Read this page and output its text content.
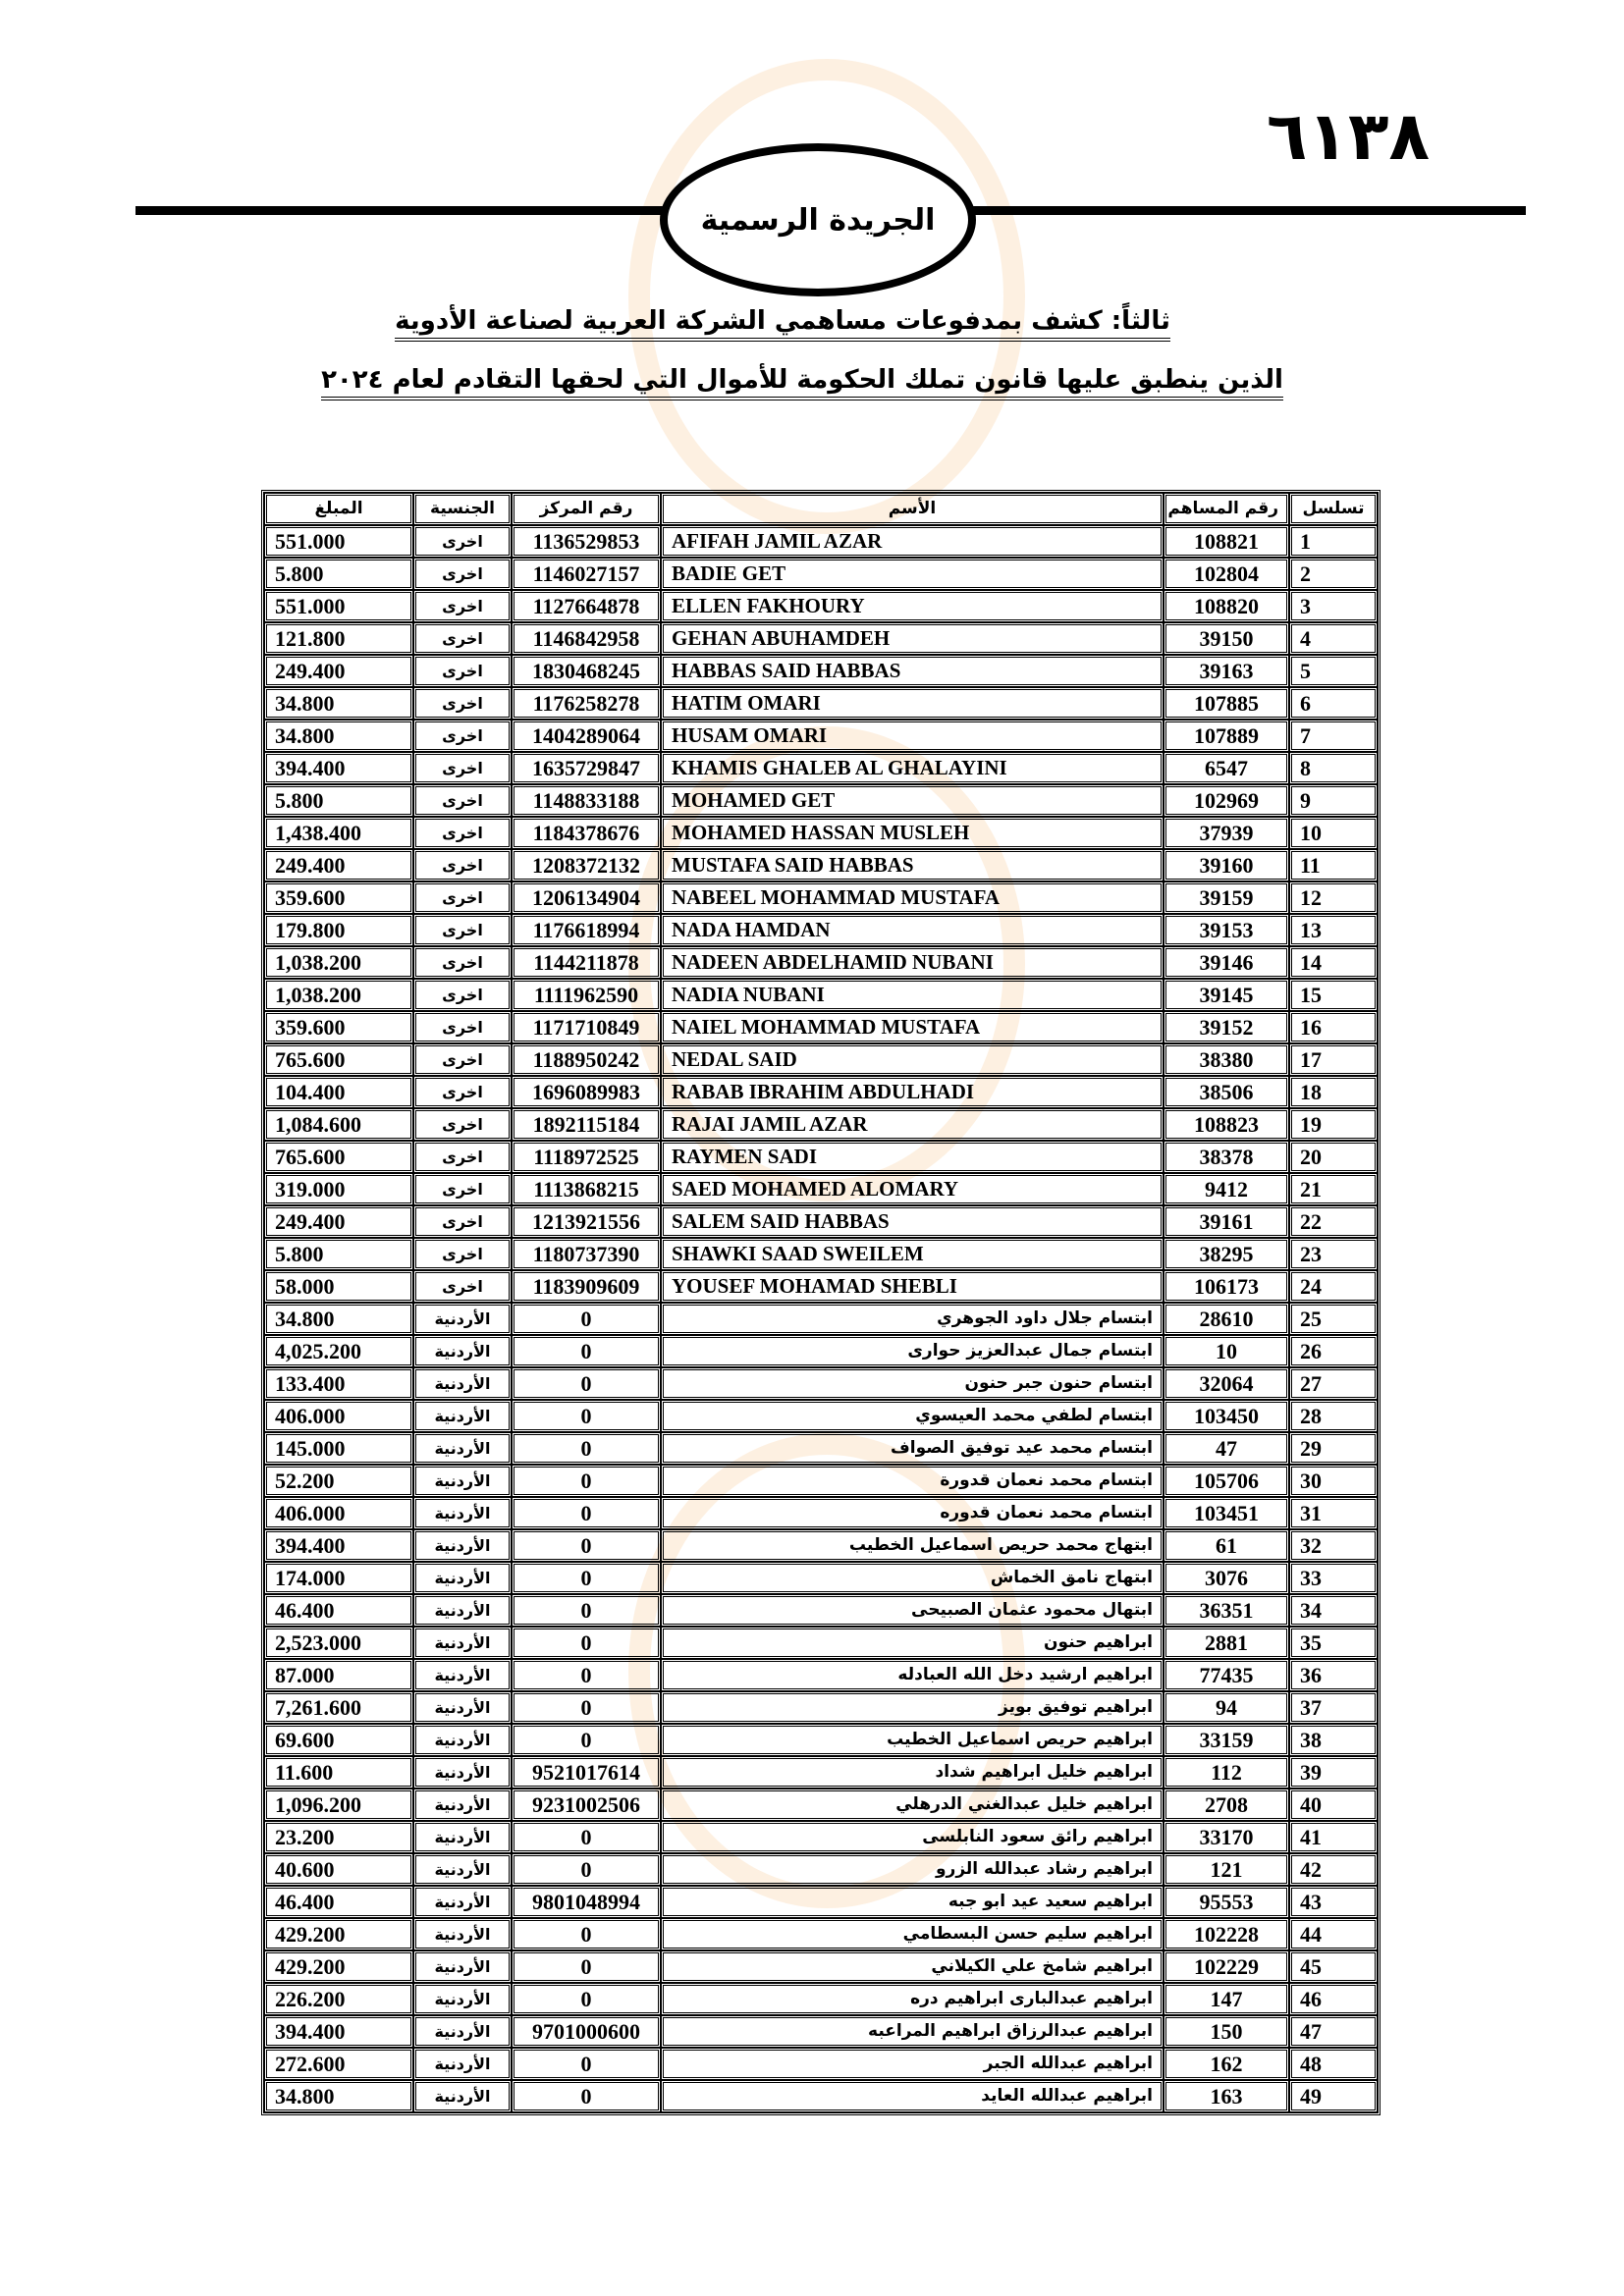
٦١٣٨
الجريدة الرسمية
ثالثاً: كشف بمدفوعات مساهمي الشركة العربية لصناعة الأدوية
الذين ينطبق عليها قانون تملك الحكومة للأموال التي لحقها التقادم لعام ٢٠٢٤
تسلسل	رقم المساهم	الأسم	رقم المركز	الجنسية	المبلغ
1	108821	AFIFAH JAMIL AZAR	1136529853	اخرى	551.000
2	102804	BADIE GET	1146027157	اخرى	5.800
3	108820	ELLEN FAKHOURY	1127664878	اخرى	551.000
4	39150	GEHAN ABUHAMDEH	1146842958	اخرى	121.800
5	39163	HABBAS SAID HABBAS	1830468245	اخرى	249.400
6	107885	HATIM OMARI	1176258278	اخرى	34.800
7	107889	HUSAM OMARI	1404289064	اخرى	34.800
8	6547	KHAMIS GHALEB AL GHALAYINI	1635729847	اخرى	394.400
9	102969	MOHAMED GET	1148833188	اخرى	5.800
10	37939	MOHAMED HASSAN MUSLEH	1184378676	اخرى	1,438.400
11	39160	MUSTAFA SAID HABBAS	1208372132	اخرى	249.400
12	39159	NABEEL MOHAMMAD MUSTAFA	1206134904	اخرى	359.600
13	39153	NADA HAMDAN	1176618994	اخرى	179.800
14	39146	NADEEN ABDELHAMID NUBANI	1144211878	اخرى	1,038.200
15	39145	NADIA NUBANI	1111962590	اخرى	1,038.200
16	39152	NAIEL MOHAMMAD MUSTAFA	1171710849	اخرى	359.600
17	38380	NEDAL SAID	1188950242	اخرى	765.600
18	38506	RABAB IBRAHIM ABDULHADI	1696089983	اخرى	104.400
19	108823	RAJAI JAMIL AZAR	1892115184	اخرى	1,084.600
20	38378	RAYMEN SADI	1118972525	اخرى	765.600
21	9412	SAED MOHAMED ALOMARY	1113868215	اخرى	319.000
22	39161	SALEM SAID HABBAS	1213921556	اخرى	249.400
23	38295	SHAWKI SAAD SWEILEM	1180737390	اخرى	5.800
24	106173	YOUSEF MOHAMAD SHEBLI	1183909609	اخرى	58.000
25	28610	ابتسام جلال داود الجوهري	0	الأردنية	34.800
26	10	ابتسام جمال عبدالعزيز حوارى	0	الأردنية	4,025.200
27	32064	ابتسام حنون جبر حنون	0	الأردنية	133.400
28	103450	ابتسام لطفي محمد العيسوي	0	الأردنية	406.000
29	47	ابتسام محمد عيد توفيق الصواف	0	الأردنية	145.000
30	105706	ابتسام محمد نعمان قدورة	0	الأردنية	52.200
31	103451	ابتسام محمد نعمان قدوره	0	الأردنية	406.000
32	61	ابتهاج محمد حريص اسماعيل الخطيب	0	الأردنية	394.400
33	3076	ابتهاج نامق الخماش	0	الأردنية	174.000
34	36351	ابتهال محمود عثمان الصبيحى	0	الأردنية	46.400
35	2881	ابراهيم حنون	0	الأردنية	2,523.000
36	77435	ابراهيم ارشيد دخل الله العبادله	0	الأردنية	87.000
37	94	ابراهيم توفيق بويز	0	الأردنية	7,261.600
38	33159	ابراهيم حريص اسماعيل الخطيب	0	الأردنية	69.600
39	112	ابراهيم خليل ابراهيم شداد	9521017614	الأردنية	11.600
40	2708	ابراهيم خليل عبدالغني الدرهلي	9231002506	الأردنية	1,096.200
41	33170	ابراهيم رائق سعود النابلسى	0	الأردنية	23.200
42	121	ابراهيم رشاد عبدالله الزرو	0	الأردنية	40.600
43	95553	ابراهيم سعيد عيد ابو جبه	9801048994	الأردنية	46.400
44	102228	ابراهيم سليم حسن البسطامي	0	الأردنية	429.200
45	102229	ابراهيم شامخ علي الكيلاني	0	الأردنية	429.200
46	147	ابراهيم عبدالبارى ابراهيم دره	0	الأردنية	226.200
47	150	ابراهيم عبدالرزاق ابراهيم المراعبه	9701000600	الأردنية	394.400
48	162	ابراهيم عبدالله الجبر	0	الأردنية	272.600
49	163	ابراهيم عبدالله العايد	0	الأردنية	34.800
